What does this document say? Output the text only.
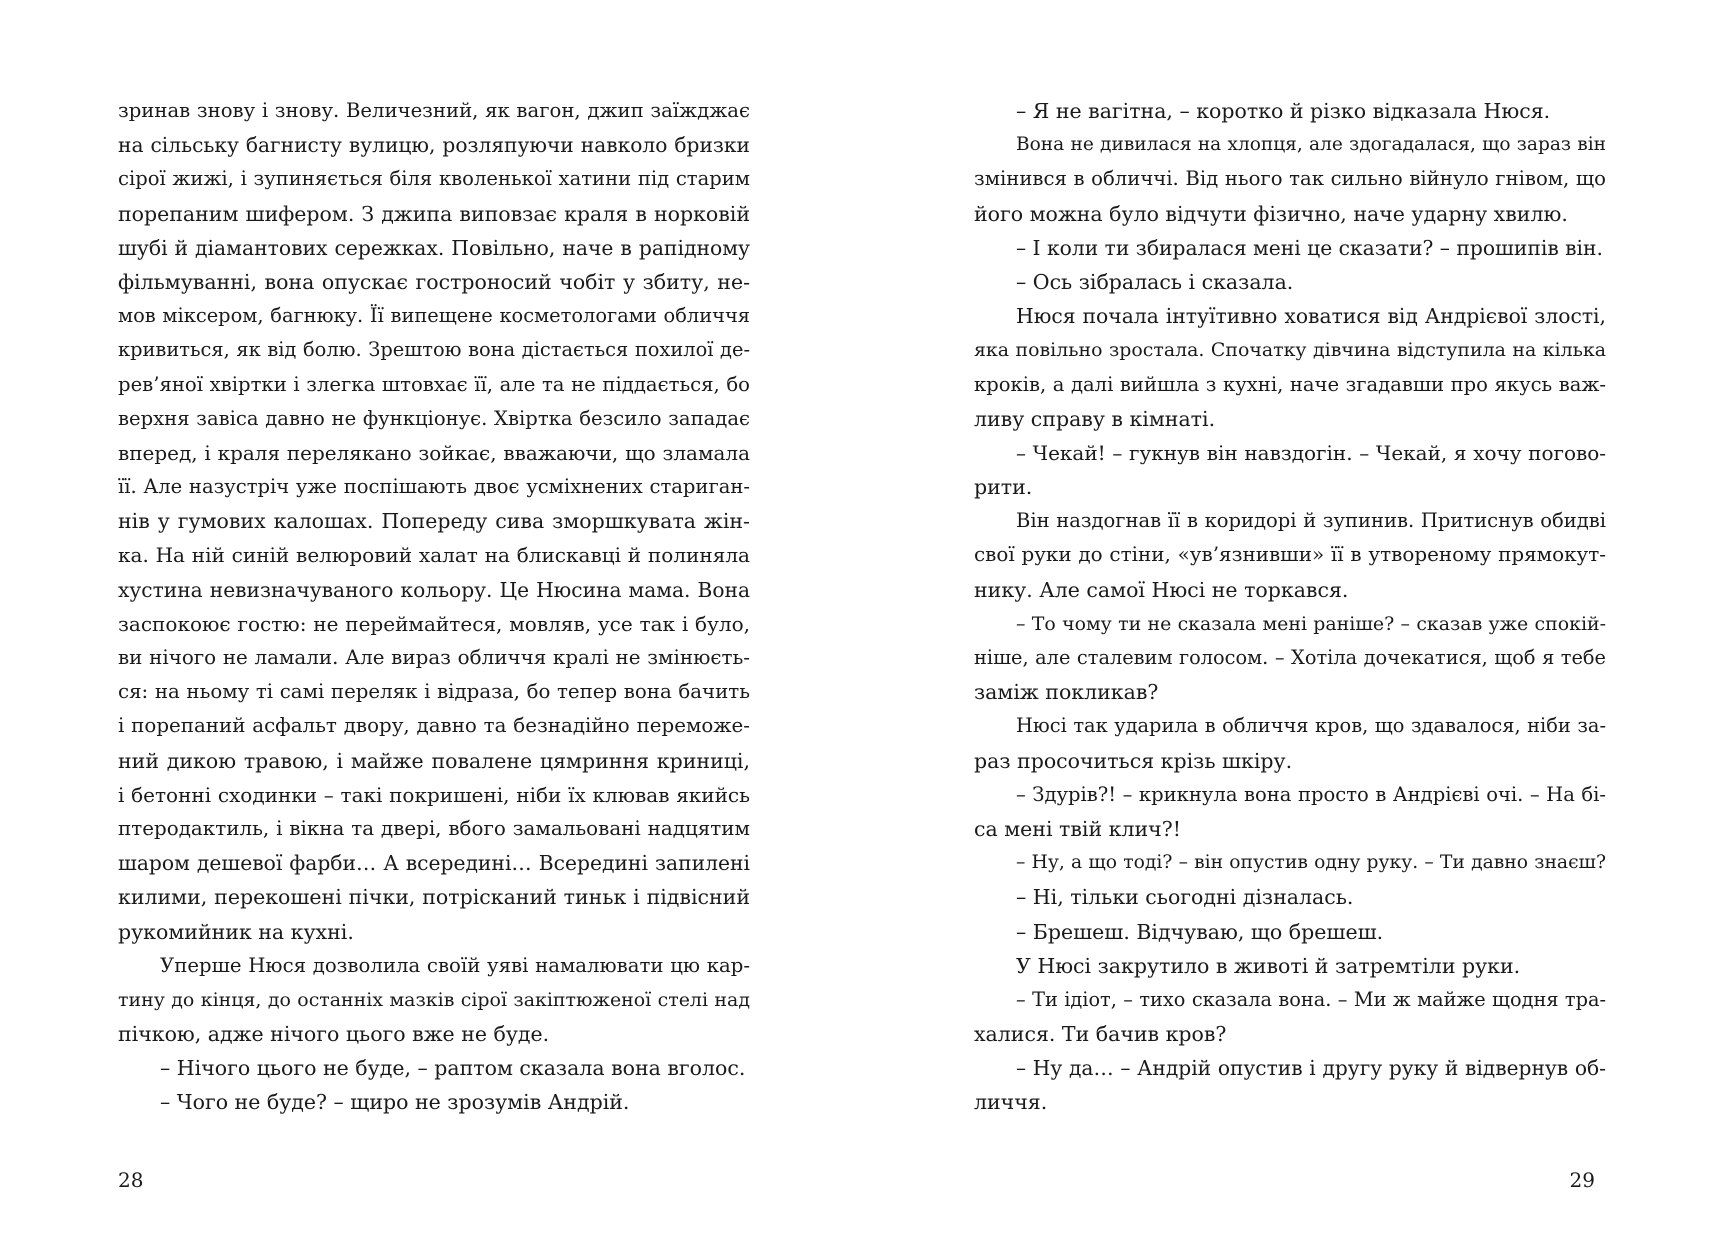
зринав знову і знову. Величезний, як вагон, джип заїжджає
на сільську багнисту вулицю, розляпуючи навколо бризки
сірої жижі, і зупиняється біля кволенької хатини під старим
порепаним шифером. З джипа виповзає краля в норковій
шубі й діамантових сережках. Повільно, наче в рапідному
фільмуванні, вона опускає гостроносий чобіт у збиту, не-
мов міксером, багнюку. Її випещене косметологами обличчя
кривиться, як від болю. Зрештою вона дістається похилої де-
рев’яної хвіртки і злегка штовхає її, але та не піддається, бо
верхня завіса давно не функціонує. Хвіртка безсило западає
вперед, і краля перелякано зойкає, вважаючи, що зламала
її. Але назустріч уже поспішають двоє усміхнених стариган-
нів у гумових калошах. Попереду сива зморшкувата жін-
ка. На ній синій велюровий халат на блискавці й полиняла
хустина невизначуваного кольору. Це Нюсина мама. Вона
заспокоює гостю: не переймайтеся, мовляв, усе так і було,
ви нічого не ламали. Але вираз обличчя кралі не змінюєть-
ся: на ньому ті самі переляк і відраза, бо тепер вона бачить
і порепаний асфальт двору, давно та безнадійно переможе-
ний дикою травою, і майже повалене цямриння криниці,
і бетонні сходинки – такі покришені, ніби їх клював якийсь
птеродактиль, і вікна та двері, вбого замальовані надцятим
шаром дешевої фарби… А всередині… Всередині запилені
килими, перекошені пічки, потрісканий тиньк і підвісний
рукомийник на кухні.
Уперше Нюся дозволила своїй уяві намалювати цю кар-
тину до кінця, до останніх мазків сірої закіптюженої стелі над
пічкою, адже нічого цього вже не буде.
– Нічого цього не буде, – раптом сказала вона вголос.
– Чого не буде? – щиро не зрозумів Андрій.
28
– Я не вагітна, – коротко й різко відказала Нюся.
Вона не дивилася на хлопця, але здогадалася, що зараз він
змінився в обличчі. Від нього так сильно війнуло гнівом, що
його можна було відчути фізично, наче ударну хвилю.
– І коли ти збиралася мені це сказати? – прошипів він.
– Ось зібралась і сказала.
Нюся почала інтуїтивно ховатися від Андрієвої злості,
яка повільно зростала. Спочатку дівчина відступила на кілька
кроків, а далі вийшла з кухні, наче згадавши про якусь важ-
ливу справу в кімнаті.
– Чекай! – гукнув він навздогін. – Чекай, я хочу погово-
рити.
Він наздогнав її в коридорі й зупинив. Притиснув обидві
свої руки до стіни, «ув’язнивши» її в утвореному прямокут-
нику. Але самої Нюсі не торкався.
– То чому ти не сказала мені раніше? – сказав уже спокій-
ніше, але сталевим голосом. – Хотіла дочекатися, щоб я тебе
заміж покликав?
Нюсі так ударила в обличчя кров, що здавалося, ніби за-
раз просочиться крізь шкіру.
– Здурів?! – крикнула вона просто в Андрієві очі. – На бі-
са мені твій клич?!
– Ну, а що тоді? – він опустив одну руку. – Ти давно знаєш?
– Ні, тільки сьогодні дізналась.
– Брешеш. Відчуваю, що брешеш.
У Нюсі закрутило в животі й затремтіли руки.
– Ти ідіот, – тихо сказала вона. – Ми ж майже щодня тра-
халися. Ти бачив кров?
– Ну да… – Андрій опустив і другу руку й відвернув об-
личчя.
29
